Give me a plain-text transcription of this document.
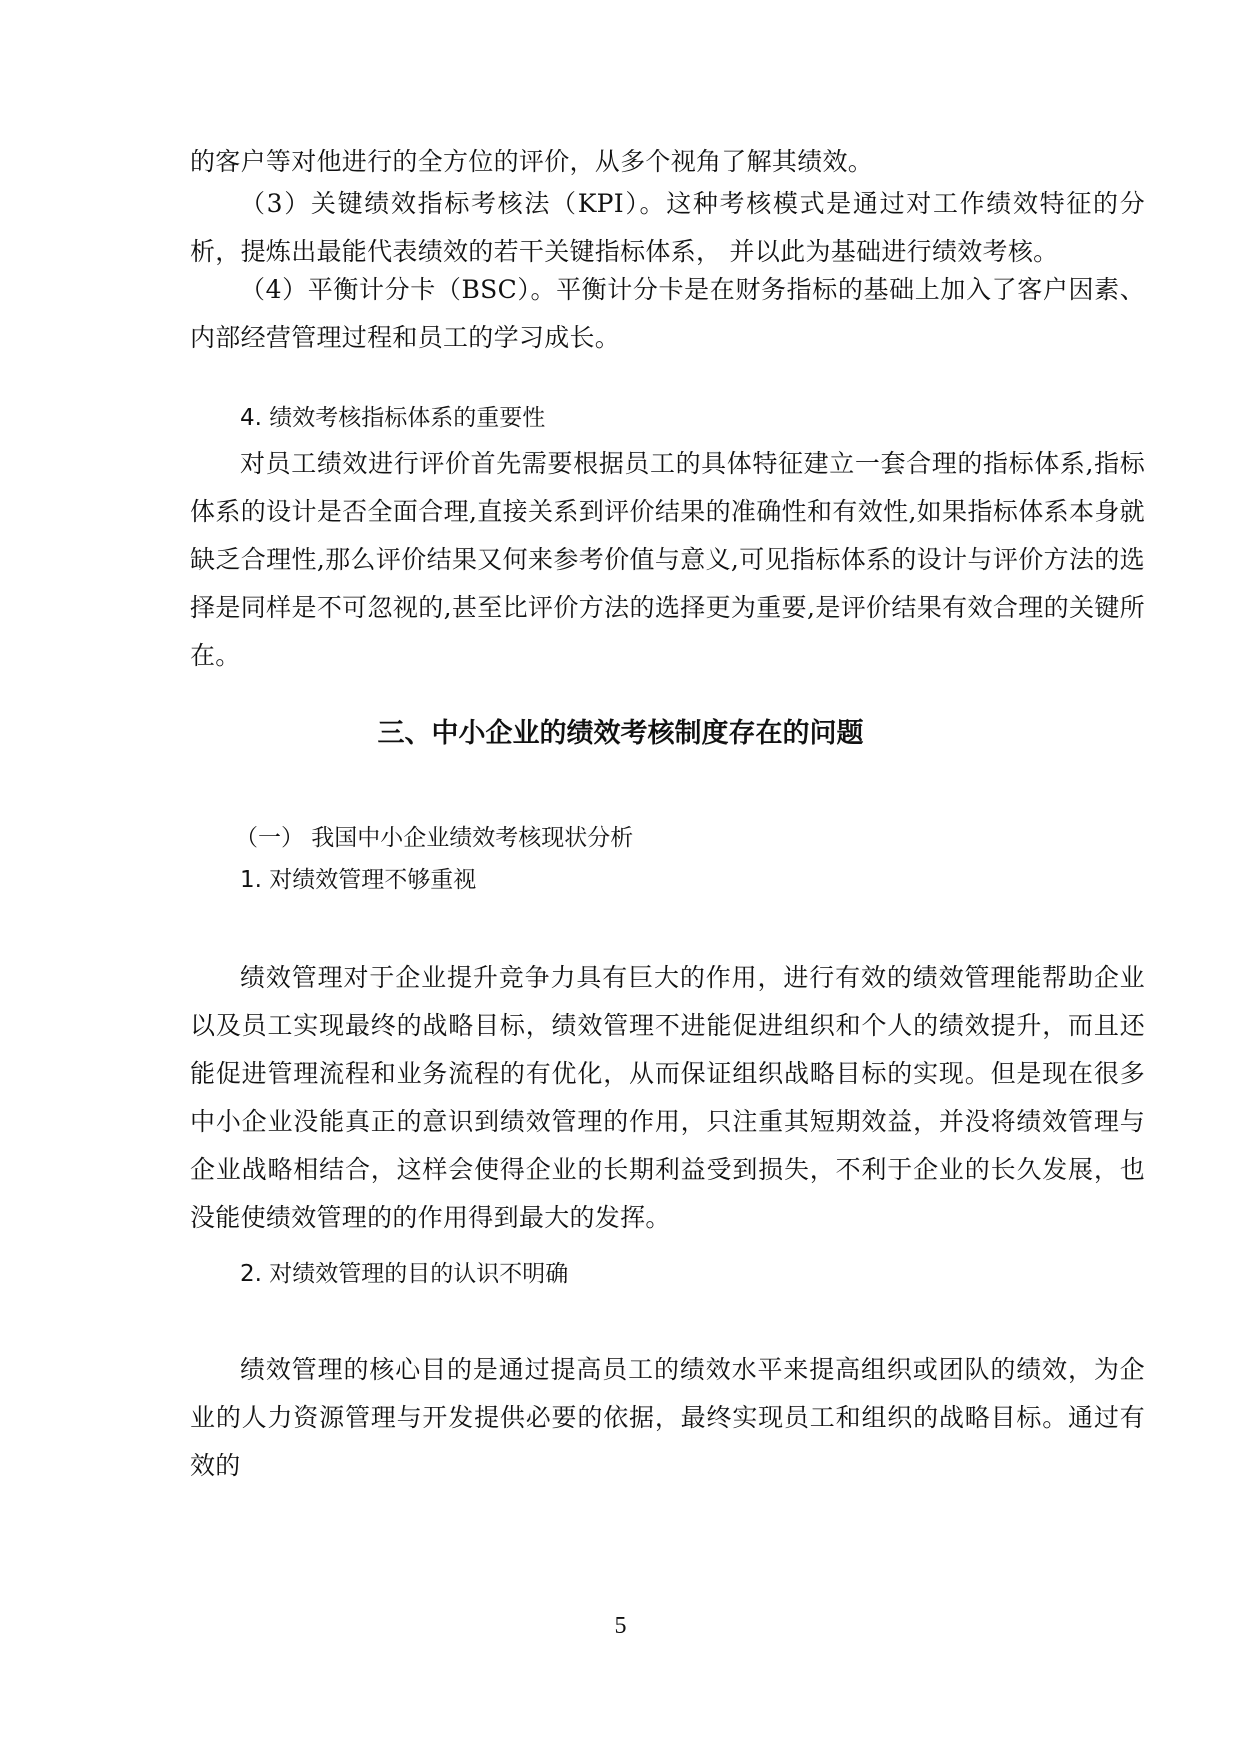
的客户等对他进行的全方位的评价，从多个视角了解其绩效。

（3）关键绩效指标考核法（KPI）。这种考核模式是通过对工作绩效特征的分析，提炼出最能代表绩效的若干关键指标体系， 并以此为基础进行绩效考核。

（4）平衡计分卡（BSC）。平衡计分卡是在财务指标的基础上加入了客户因素、内部经营管理过程和员工的学习成长。

4. 绩效考核指标体系的重要性

对员工绩效进行评价首先需要根据员工的具体特征建立一套合理的指标体系,指标体系的设计是否全面合理,直接关系到评价结果的准确性和有效性,如果指标体系本身就缺乏合理性,那么评价结果又何来参考价值与意义,可见指标体系的设计与评价方法的选择是同样是不可忽视的,甚至比评价方法的选择更为重要,是评价结果有效合理的关键所在。

三、中小企业的绩效考核制度存在的问题

（一） 我国中小企业绩效考核现状分析

1. 对绩效管理不够重视

绩效管理对于企业提升竞争力具有巨大的作用，进行有效的绩效管理能帮助企业以及员工实现最终的战略目标，绩效管理不进能促进组织和个人的绩效提升，而且还能促进管理流程和业务流程的有优化，从而保证组织战略目标的实现。但是现在很多中小企业没能真正的意识到绩效管理的作用，只注重其短期效益，并没将绩效管理与企业战略相结合，这样会使得企业的长期利益受到损失，不利于企业的长久发展，也没能使绩效管理的的作用得到最大的发挥。

2. 对绩效管理的目的认识不明确

绩效管理的核心目的是通过提高员工的绩效水平来提高组织或团队的绩效，为企业的人力资源管理与开发提供必要的依据，最终实现员工和组织的战略目标。通过有效的

5
